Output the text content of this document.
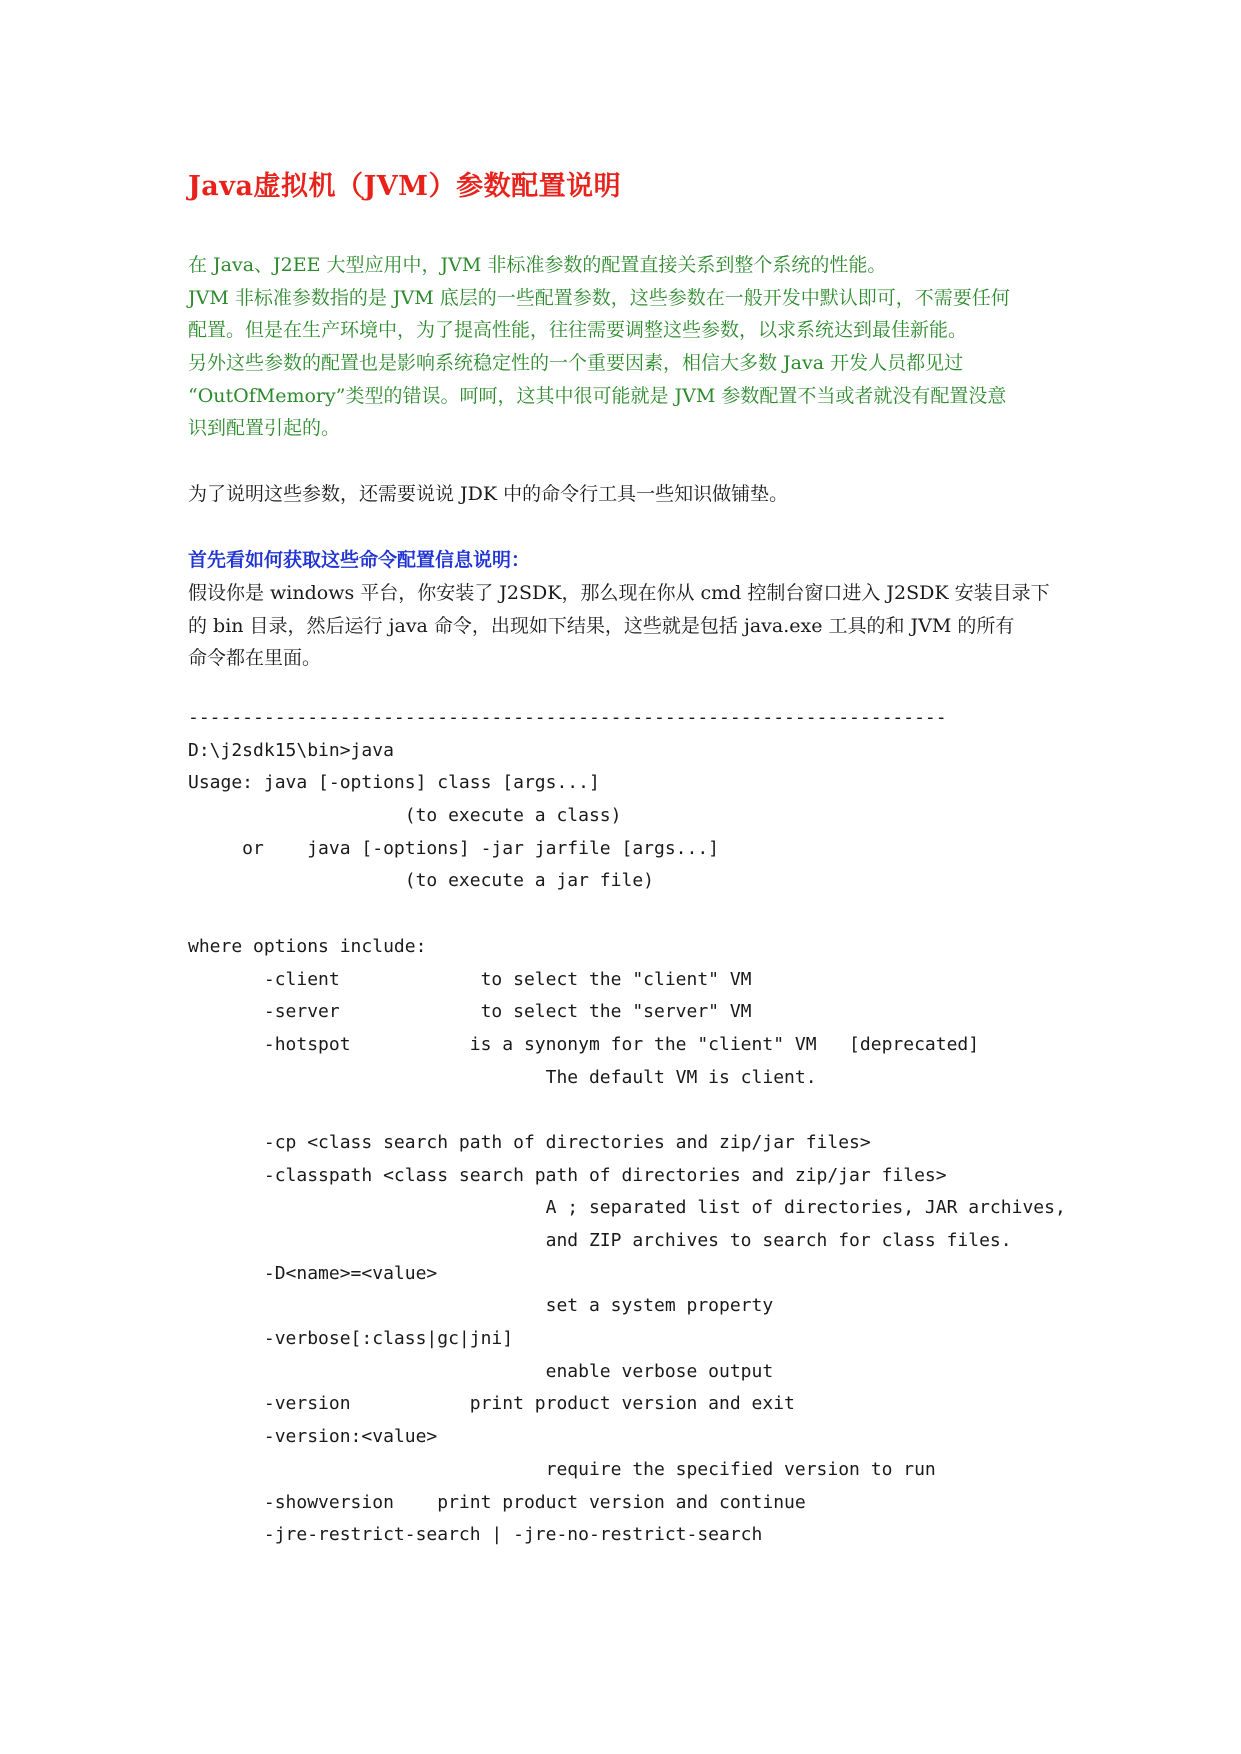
Java虚拟机（JVM）参数配置说明
在 Java、J2EE 大型应用中，JVM 非标准参数的配置直接关系到整个系统的性能。
JVM 非标准参数指的是 JVM 底层的一些配置参数，这些参数在一般开发中默认即可，不需要任何
配置。但是在生产环境中，为了提高性能，往往需要调整这些参数，以求系统达到最佳新能。
另外这些参数的配置也是影响系统稳定性的一个重要因素，相信大多数 Java 开发人员都见过
“OutOfMemory”类型的错误。呵呵，这其中很可能就是 JVM 参数配置不当或者就没有配置没意
识到配置引起的。
为了说明这些参数，还需要说说 JDK 中的命令行工具一些知识做铺垫。
首先看如何获取这些命令配置信息说明：
假设你是 windows 平台，你安装了 J2SDK，那么现在你从 cmd 控制台窗口进入 J2SDK 安装目录下
的 bin 目录，然后运行 java 命令，出现如下结果，这些就是包括 java.exe 工具的和 JVM 的所有
命令都在里面。
----------------------------------------------------------------------
D:\j2sdk15\bin>java
Usage: java [-options] class [args...]
(to execute a class)
or    java [-options] -jar jarfile [args...]
(to execute a jar file)
where options include:
-client             to select the "client" VM
-server             to select the "server" VM
-hotspot           is a synonym for the "client" VM   [deprecated]
The default VM is client.
-cp <class search path of directories and zip/jar files>
-classpath <class search path of directories and zip/jar files>
A ; separated list of directories, JAR archives,
and ZIP archives to search for class files.
-D<name>=<value>
set a system property
-verbose[:class|gc|jni]
enable verbose output
-version           print product version and exit
-version:<value>
require the specified version to run
-showversion    print product version and continue
-jre-restrict-search | -jre-no-restrict-search
